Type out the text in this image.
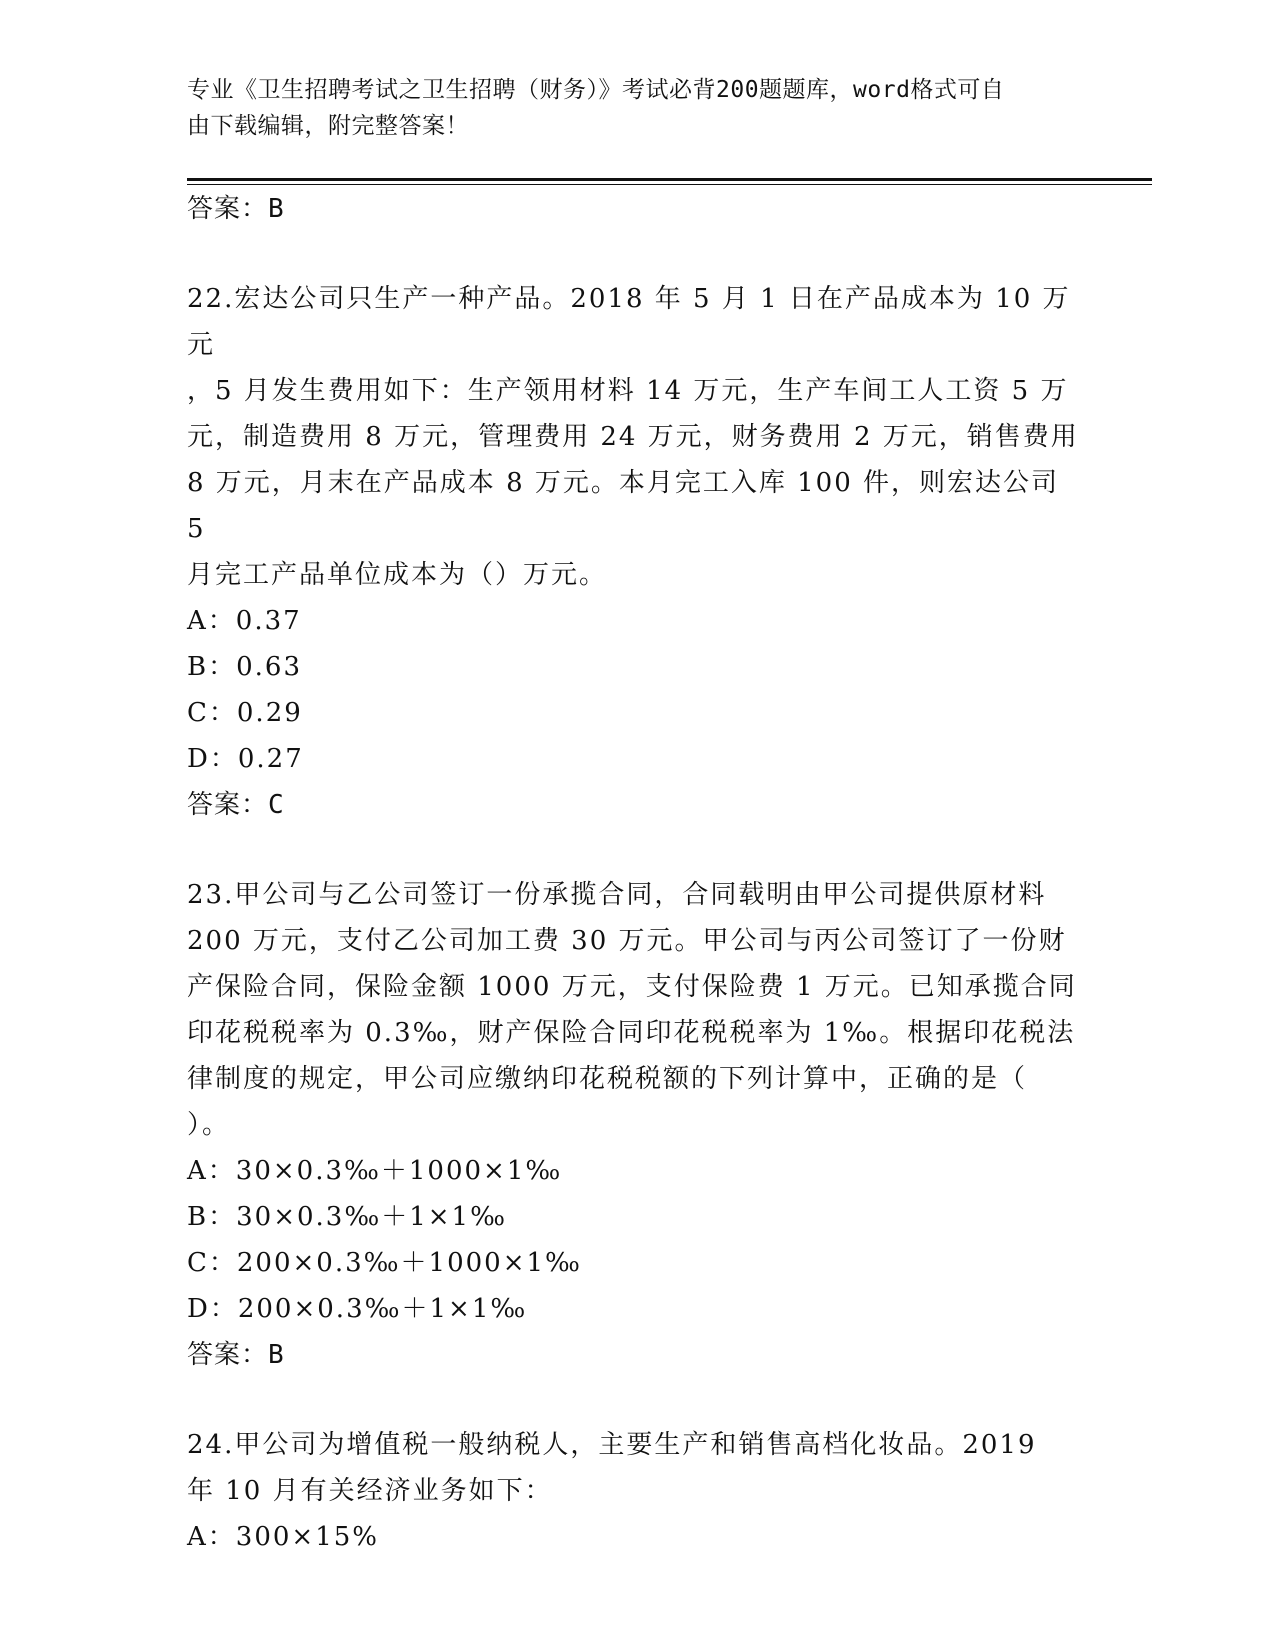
专业《卫生招聘考试之卫生招聘（财务）》考试必背200题题库，word格式可自
由下载编辑，附完整答案！
答案：B
22.宏达公司只生产一种产品。2018 年 5 月 1 日在产品成本为 10 万元
，5 月发生费用如下：生产领用材料 14 万元，生产车间工人工资 5 万
元，制造费用 8 万元，管理费用 24 万元，财务费用 2 万元，销售费用
8 万元，月末在产品成本 8 万元。本月完工入库 100 件，则宏达公司 5
月完工产品单位成本为（）万元。
A：0.37
B：0.63
C：0.29
D：0.27
答案：C
23.甲公司与乙公司签订一份承揽合同，合同载明由甲公司提供原材料
200 万元，支付乙公司加工费 30 万元。甲公司与丙公司签订了一份财
产保险合同，保险金额 1000 万元，支付保险费 1 万元。已知承揽合同
印花税税率为 0.3‰，财产保险合同印花税税率为 1‰。根据印花税法
律制度的规定，甲公司应缴纳印花税税额的下列计算中，正确的是（
）。
A：30×0.3‰＋1000×1‰
B：30×0.3‰＋1×1‰
C：200×0.3‰＋1000×1‰
D：200×0.3‰＋1×1‰
答案：B
24.甲公司为增值税一般纳税人，主要生产和销售高档化妆品。2019
年 10 月有关经济业务如下：
A：300×15%
